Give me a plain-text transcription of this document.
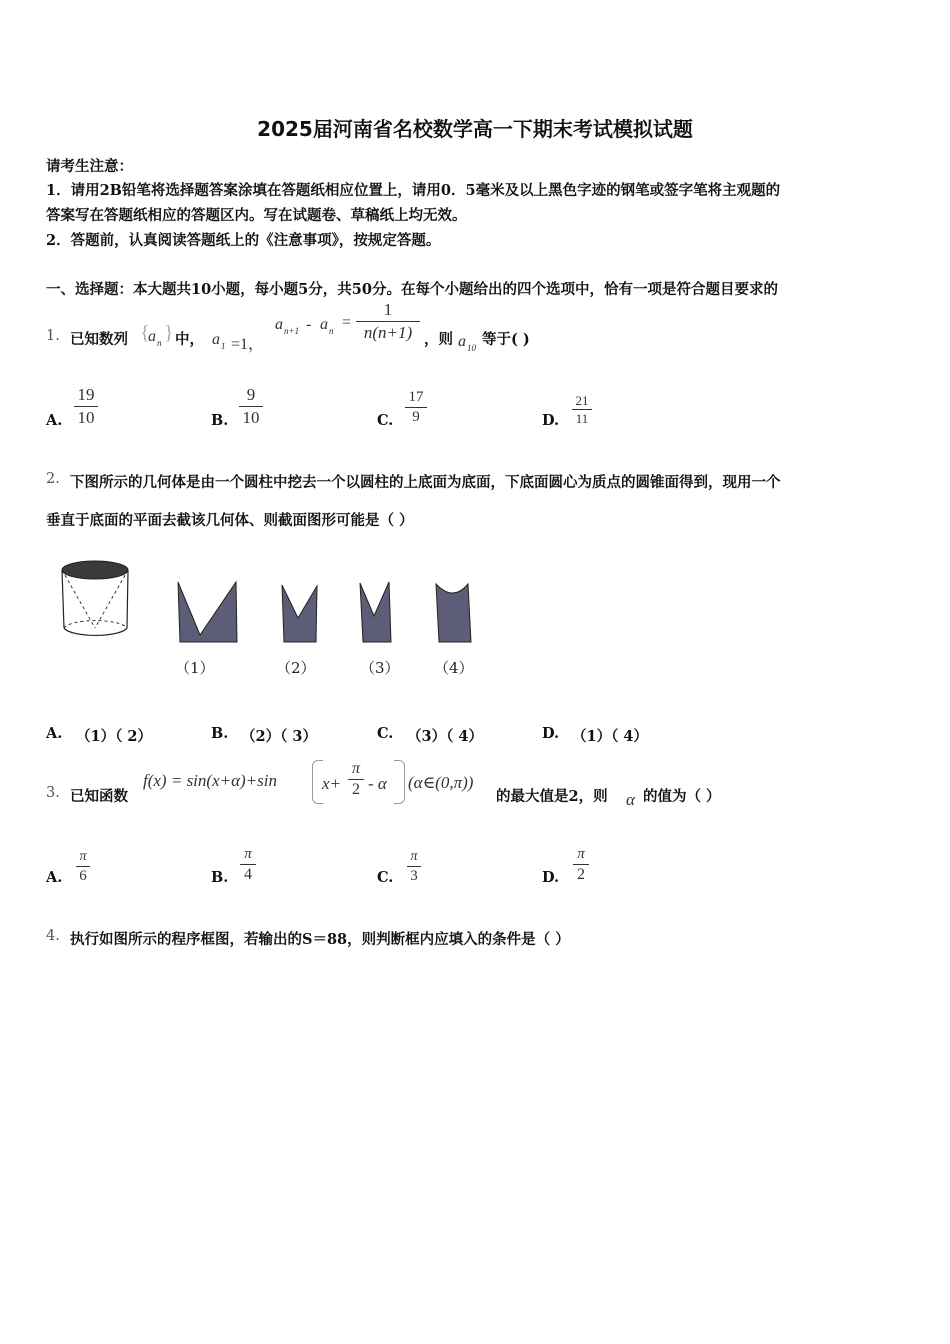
2025届河南省名校数学高一下期末考试模拟试题
请考生注意：
1．请用2B铅笔将选择题答案涂填在答题纸相应位置上，请用0．5毫米及以上黑色字迹的钢笔或签字笔将主观题的
答案写在答题纸相应的答题区内。写在试题卷、草稿纸上均无效。
2．答题前，认真阅读答题纸上的《注意事项》，按规定答题。
一、选择题：本大题共10小题，每小题5分，共50分。在每个小题给出的四个选项中，恰有一项是符合题目要求的
1. 已知数列 {
a n } 中， a 1 =1，
a n+1 - a n =
1
n(n+1) ，则 a 10 等于( )
A.
19
10	B.
9
10	C.
17
9	D.
21
11
2. 下图所示的几何体是由一个圆柱中挖去一个以圆柱的上底面为底面，下底面圆心为质点的圆锥面得到，现用一个
垂直于底面的平面去截该几何体、则截面图形可能是（ ）
（1）	（2）	（3） （4）
A. （1）（ 2）	B. （2）（ 3）	C. （3）（ 4）	D. （1）（ 4）
3. 已知函数
f(x) = sin(x+α)+sin	x+
π
2 - α (α∈(0,π))
的最大值是2，则 α 的值为（ ）
A.
π
6	B.
π
4	C.
π
3	D.
π
2
4. 执行如图所示的程序框图，若输出的S＝88，则判断框内应填入的条件是（ ）
